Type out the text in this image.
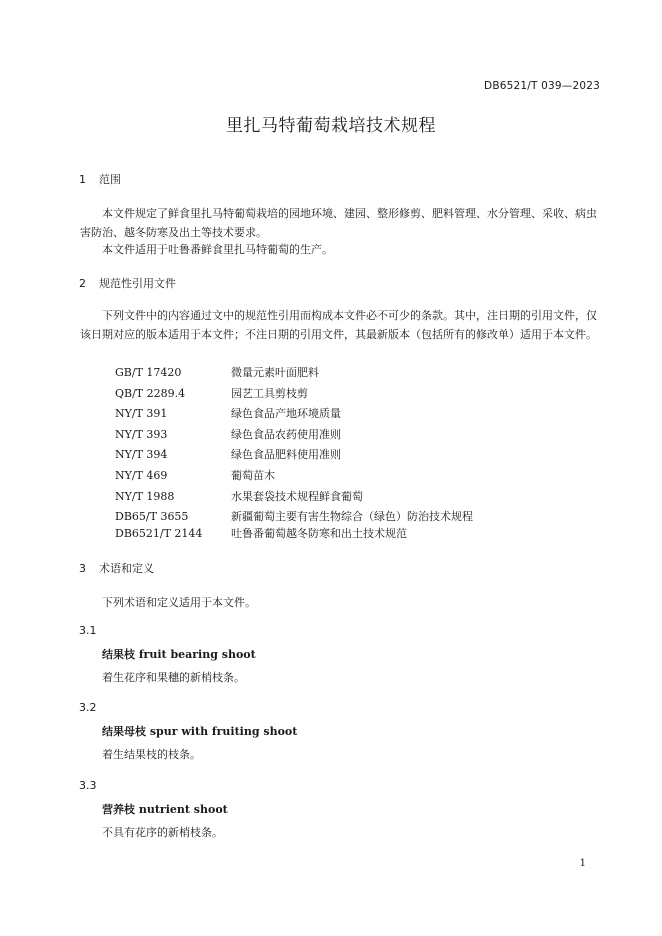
DB6521/T 039—2023
里扎马特葡萄栽培技术规程
1 范围
本文件规定了鲜食里扎马特葡萄栽培的园地环境、建园、整形修剪、肥料管理、水分管理、采收、病虫害防治、越冬防寒及出土等技术要求。
本文件适用于吐鲁番鲜食里扎马特葡萄的生产。
2 规范性引用文件
下列文件中的内容通过文中的规范性引用而构成本文件必不可少的条款。其中，注日期的引用文件，仅该日期对应的版本适用于本文件；不注日期的引用文件，其最新版本（包括所有的修改单）适用于本文件。
GB/T 17420	微量元素叶面肥料
QB/T 2289.4	园艺工具剪枝剪
NY/T 391	绿色食品产地环境质量
NY/T 393	绿色食品农药使用准则
NY/T 394	绿色食品肥料使用准则
NY/T 469	葡萄苗木
NY/T 1988	水果套袋技术规程鲜食葡萄
DB65/T 3655	新疆葡萄主要有害生物综合（绿色）防治技术规程
DB6521/T 2144	吐鲁番葡萄越冬防寒和出土技术规范
3 术语和定义
下列术语和定义适用于本文件。
3.1
结果枝 fruit bearing shoot
着生花序和果穗的新梢枝条。
3.2
结果母枝 spur with fruiting shoot
着生结果枝的枝条。
3.3
营养枝 nutrient shoot
不具有花序的新梢枝条。
1
